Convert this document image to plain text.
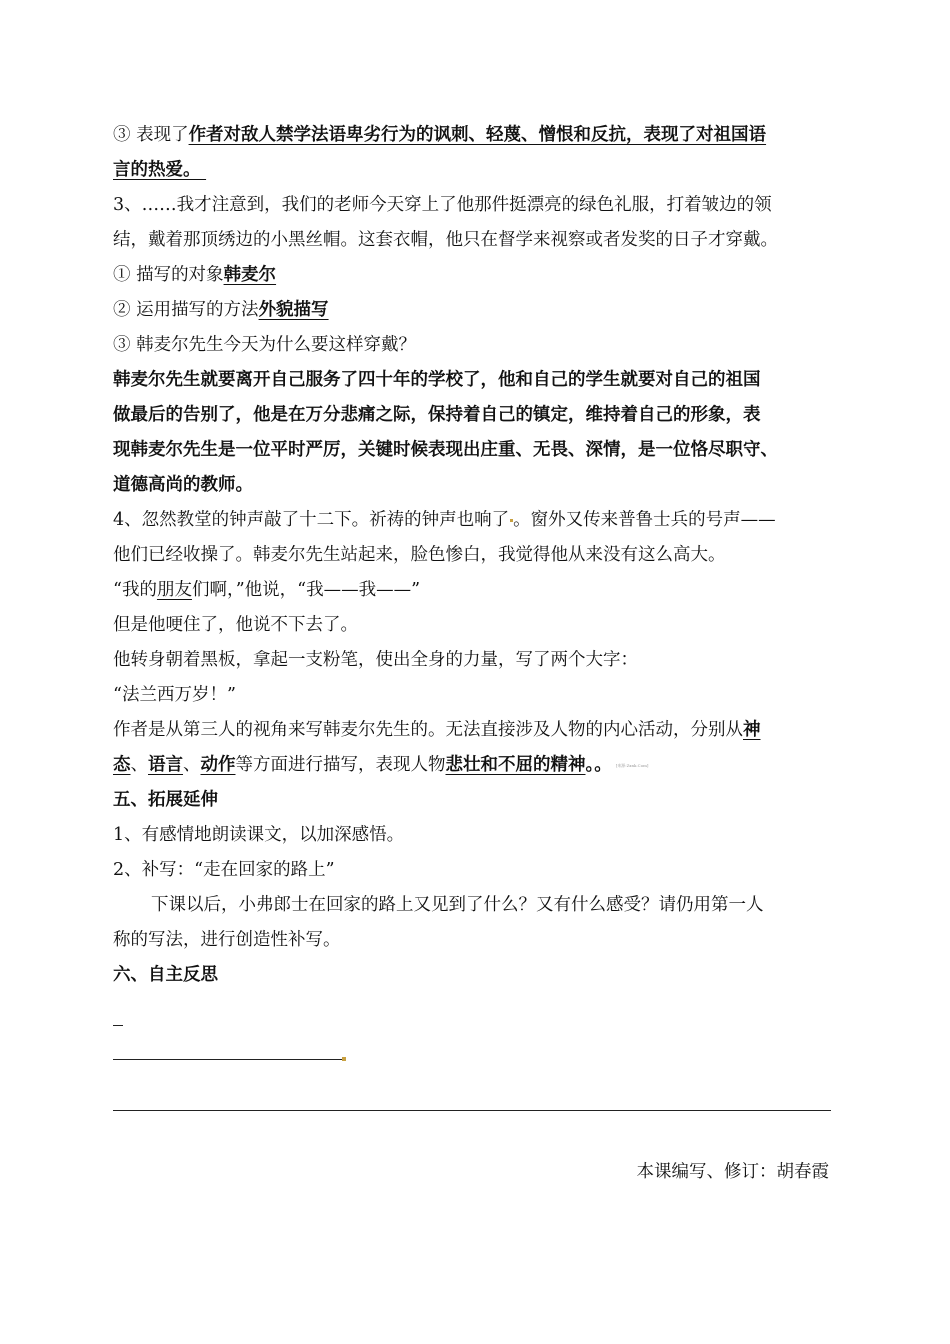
③ 表现了作者对敌人禁学法语卑劣行为的讽刺、轻蔑、憎恨和反抗，表现了对祖国语
言的热爱。
3、……我才注意到，我们的老师今天穿上了他那件挺漂亮的绿色礼服，打着皱边的领
结，戴着那顶绣边的小黑丝帽。这套衣帽，他只在督学来视察或者发奖的日子才穿戴。
① 描写的对象韩麦尔
② 运用描写的方法外貌描写
③ 韩麦尔先生今天为什么要这样穿戴？
韩麦尔先生就要离开自己服务了四十年的学校了，他和自己的学生就要对自己的祖国
做最后的告别了，他是在万分悲痛之际，保持着自己的镇定，维持着自己的形象，表
现韩麦尔先生是一位平时严厉，关键时候表现出庄重、无畏、深情，是一位恪尽职守、
道德高尚的教师。
4、忽然教堂的钟声敲了十二下。祈祷的钟声也响了 。窗外又传来普鲁士兵的号声——
他们已经收操了。韩麦尔先生站起来，脸色惨白，我觉得他从来没有这么高大。
“我的朋友们啊，”他说，“我——我——”
但是他哽住了，他说不下去了。
他转身朝着黑板，拿起一支粉笔，使出全身的力量，写了两个大字：
“法兰西万岁！”
作者是从第三人的视角来写韩麦尔先生的。无法直接涉及人物的内心活动，分别从神
态、语言、动作等方面进行描写，表现人物悲壮和不屈的精神。。 [来源:Zxxk.Com]
五、拓展延伸
1、有感情地朗读课文，以加深感悟。
2、补写：“走在回家的路上”
下课以后，小弗郎士在回家的路上又见到了什么？又有什么感受？请仍用第一人
称的写法，进行创造性补写。
六、自主反思
本课编写、修订：胡春霞
